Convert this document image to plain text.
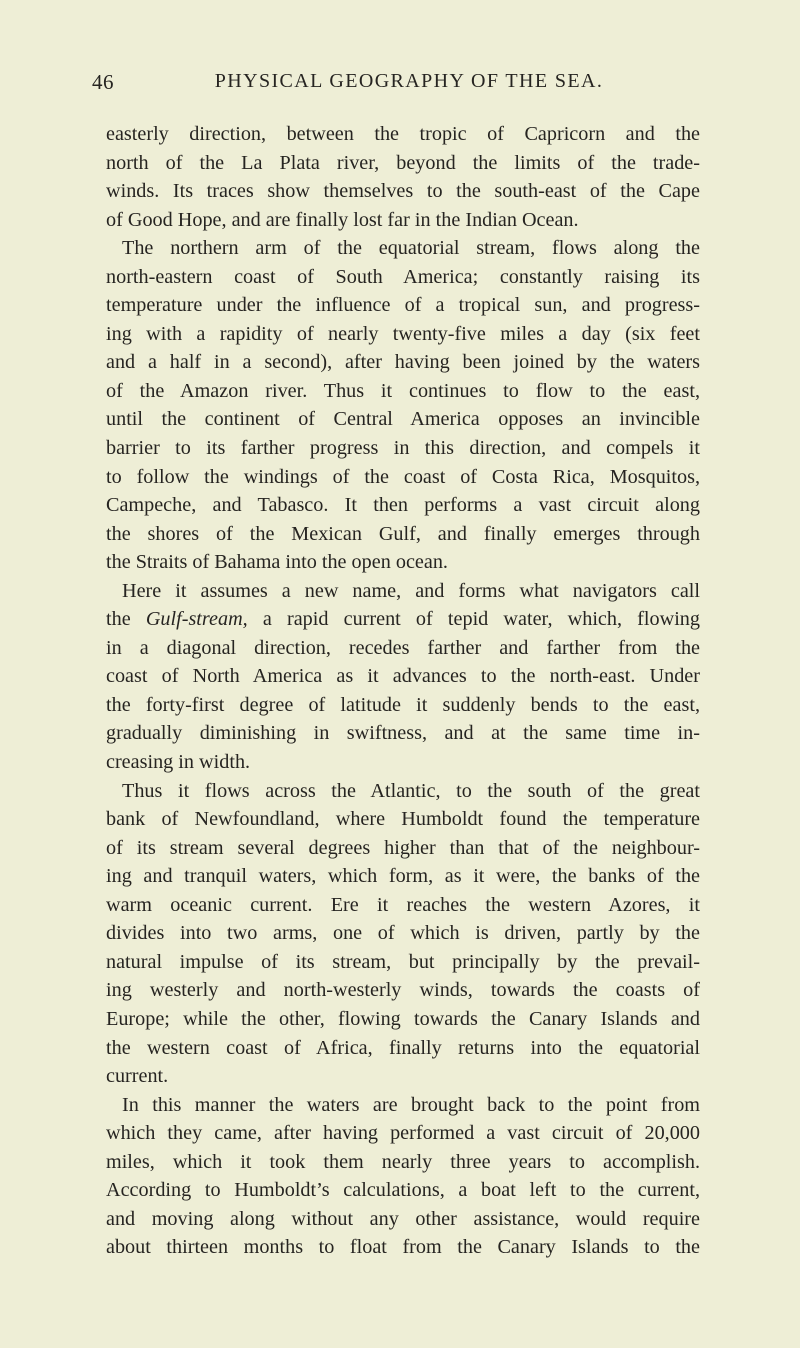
46	PHYSICAL GEOGRAPHY OF THE SEA.
easterly direction, between the tropic of Capricorn and the
north of the La Plata river, beyond the limits of the trade-
winds. Its traces show themselves to the south-east of the Cape
of Good Hope, and are finally lost far in the Indian Ocean.
The northern arm of the equatorial stream, flows along the
north-eastern coast of South America; constantly raising its
temperature under the influence of a tropical sun, and progress-
ing with a rapidity of nearly twenty-five miles a day (six feet
and a half in a second), after having been joined by the waters
of the Amazon river. Thus it continues to flow to the east,
until the continent of Central America opposes an invincible
barrier to its farther progress in this direction, and compels it
to follow the windings of the coast of Costa Rica, Mosquitos,
Campeche, and Tabasco. It then performs a vast circuit along
the shores of the Mexican Gulf, and finally emerges through
the Straits of Bahama into the open ocean.
Here it assumes a new name, and forms what navigators call
the Gulf-stream, a rapid current of tepid water, which, flowing
in a diagonal direction, recedes farther and farther from the
coast of North America as it advances to the north-east. Under
the forty-first degree of latitude it suddenly bends to the east,
gradually diminishing in swiftness, and at the same time in-
creasing in width.
Thus it flows across the Atlantic, to the south of the great
bank of Newfoundland, where Humboldt found the temperature
of its stream several degrees higher than that of the neighbour-
ing and tranquil waters, which form, as it were, the banks of the
warm oceanic current. Ere it reaches the western Azores, it
divides into two arms, one of which is driven, partly by the
natural impulse of its stream, but principally by the prevail-
ing westerly and north-westerly winds, towards the coasts of
Europe; while the other, flowing towards the Canary Islands and
the western coast of Africa, finally returns into the equatorial
current.
In this manner the waters are brought back to the point from
which they came, after having performed a vast circuit of 20,000
miles, which it took them nearly three years to accomplish.
According to Humboldt’s calculations, a boat left to the current,
and moving along without any other assistance, would require
about thirteen months to float from the Canary Islands to the
